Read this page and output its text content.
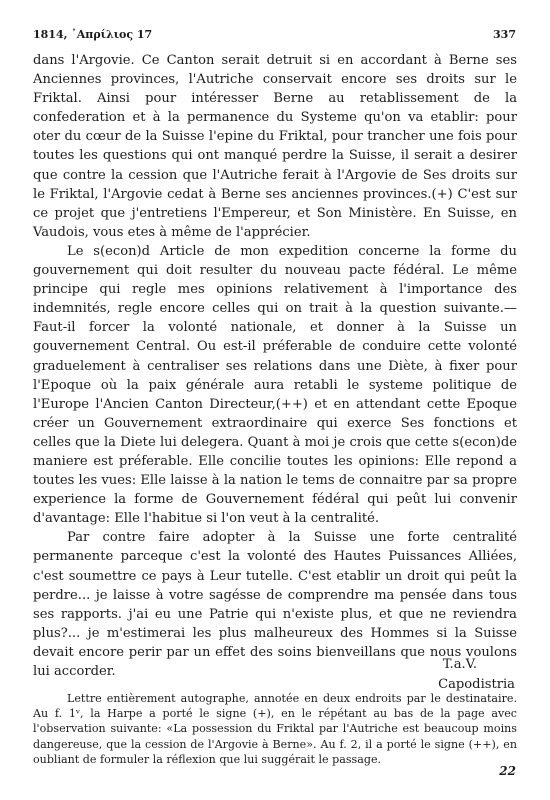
1814, ᾿Απρίλιος 17	337

dans l'Argovie. Ce Canton serait detruit si en accordant à Berne ses Anciennes provinces, l'Autriche conservait encore ses droits sur le Friktal. Ainsi pour intéresser Berne au retablissement de la confederation et à la permanence du Systeme qu'on va etablir: pour oter du cœur de la Suisse l'epine du Friktal, pour trancher une fois pour toutes les questions qui ont manqué perdre la Suisse, il serait a desirer que contre la cession que l'Autriche ferait à l'Argovie de Ses droits sur le Friktal, l'Argovie cedat à Berne ses anciennes provinces.(+) C'est sur ce projet que j'entretiens l'Empereur, et Son Ministère. En Suisse, en Vaudois, vous etes à même de l'apprécier.

Le s(econ)d Article de mon expedition concerne la forme du gouvernement qui doit resulter du nouveau pacte fédéral. Le même principe qui regle mes opinions relativement à l'importance des indemnités, regle encore celles qui on trait à la question suivante.— Faut-il forcer la volonté nationale, et donner à la Suisse un gouvernement Central. Ou est-il préferable de conduire cette volonté graduelement à centraliser ses relations dans une Diète, à fixer pour l'Epoque où la paix générale aura retabli le systeme politique de l'Europe l'Ancien Canton Directeur,(++) et en attendant cette Epoque créer un Gouvernement extraordinaire qui exerce Ses fonctions et celles que la Diete lui delegera. Quant à moi je crois que cette s(econ)de maniere est préferable. Elle concilie toutes les opinions: Elle repond a toutes les vues: Elle laisse à la nation le tems de connaitre par sa propre experience la forme de Gouvernement fédéral qui peût lui convenir d'avantage: Elle l'habitue si l'on veut à la centralité.

Par contre faire adopter à la Suisse une forte centralité permanente parceque c'est la volonté des Hautes Puissances Alliées, c'est soumettre ce pays à Leur tutelle. C'est etablir un droit qui peût la perdre... je laisse à votre sagésse de comprendre ma pensée dans tous ses rapports. j'ai eu une Patrie qui n'existe plus, et que ne reviendra plus?... je m'estimerai les plus malheureux des Hommes si la Suisse devait encore perir par un effet des soins bienveillans que nous voulons lui accorder.	T.a.V.
Capodistria

Lettre entièrement autographe, annotée en deux endroits par le destinataire. Au f. 1ᵛ, la Harpe a porté le signe (+), en le répétant au bas de la page avec l'observation suivante: «La possession du Friktal par l'Autriche est beaucoup moins dangereuse, que la cession de l'Argovie à Berne». Au f. 2, il a porté le signe (++), en oubliant de formuler la réflexion que lui suggérait le passage.

22
